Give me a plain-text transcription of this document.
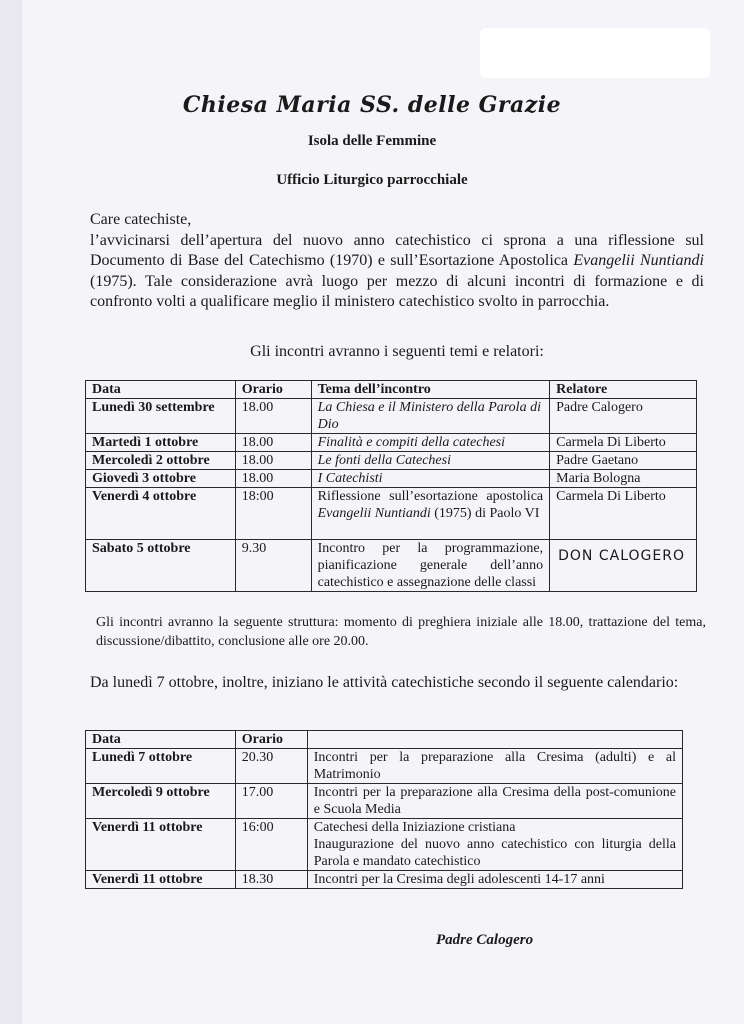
Chiesa Maria SS. delle Grazie
Isola delle Femmine
Ufficio Liturgico parrocchiale
Care catechiste,
l’avvicinarsi dell’apertura del nuovo anno catechistico ci sprona a una riflessione sul Documento di Base del Catechismo (1970) e sull’Esortazione Apostolica Evangelii Nuntiandi (1975). Tale considerazione avrà luogo per mezzo di alcuni incontri di formazione e di confronto volti a qualificare meglio il ministero catechistico svolto in parrocchia.
Gli incontri avranno i seguenti temi e relatori:
Data	Orario	Tema dell’incontro	Relatore
Lunedì 30 settembre	18.00	La Chiesa e il Ministero della Parola di Dio	Padre Calogero
Martedì 1 ottobre	18.00	Finalità e compiti della catechesi	Carmela Di Liberto
Mercoledì 2 ottobre	18.00	Le fonti della Catechesi	Padre Gaetano
Giovedì 3 ottobre	18.00	I Catechisti	Maria Bologna
Venerdì 4 ottobre	18:00	Riflessione sull’esortazione apostolica Evangelii Nuntiandi (1975) di Paolo VI	Carmela Di Liberto
Sabato 5 ottobre	9.30	Incontro per la programmazione, pianificazione generale dell’anno catechistico e assegnazione delle classi	DON CALOGERO
Gli incontri avranno la seguente struttura: momento di preghiera iniziale alle 18.00, trattazione del tema, discussione/dibattito, conclusione alle ore 20.00.
Da lunedì 7 ottobre, inoltre, iniziano le attività catechistiche secondo il seguente calendario:
Data	Orario	
Lunedì 7 ottobre	20.30	Incontri per la preparazione alla Cresima (adulti) e al Matrimonio
Mercoledì 9 ottobre	17.00	Incontri per la preparazione alla Cresima della post-comunione e Scuola Media
Venerdì 11 ottobre	16:00	Catechesi della Iniziazione cristiana
Inaugurazione del nuovo anno catechistico con liturgia della Parola e mandato catechistico

Venerdì 11 ottobre	18.30	Incontri per la Cresima degli adolescenti 14-17 anni
Padre Calogero
